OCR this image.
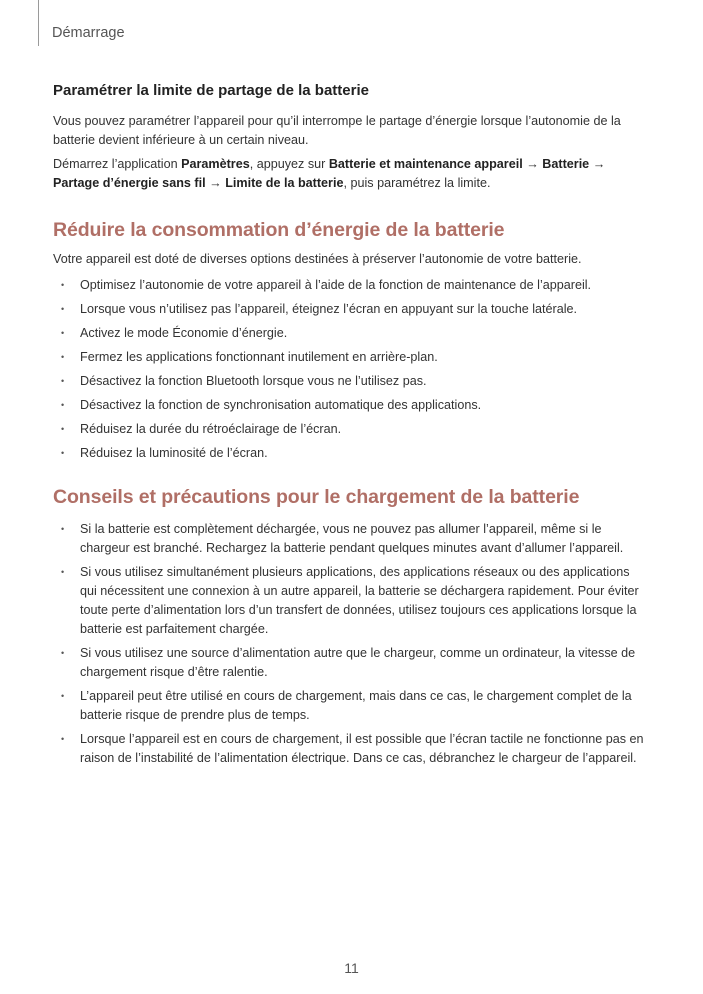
Démarrage
Paramétrer la limite de partage de la batterie

Vous pouvez paramétrer l’appareil pour qu’il interrompe le partage d’énergie lorsque l’autonomie de la batterie devient inférieure à un certain niveau.

Démarrez l’application Paramètres, appuyez sur Batterie et maintenance appareil → Batterie → Partage d’énergie sans fil → Limite de la batterie, puis paramétrez la limite.

Réduire la consommation d’énergie de la batterie

Votre appareil est doté de diverses options destinées à préserver l’autonomie de votre batterie.

• Optimisez l’autonomie de votre appareil à l’aide de la fonction de maintenance de l’appareil.
• Lorsque vous n’utilisez pas l’appareil, éteignez l’écran en appuyant sur la touche latérale.
• Activez le mode Économie d’énergie.
• Fermez les applications fonctionnant inutilement en arrière-plan.
• Désactivez la fonction Bluetooth lorsque vous ne l’utilisez pas.
• Désactivez la fonction de synchronisation automatique des applications.
• Réduisez la durée du rétroéclairage de l’écran.
• Réduisez la luminosité de l’écran.
Conseils et précautions pour le chargement de la batterie
• Si la batterie est complètement déchargée, vous ne pouvez pas allumer l’appareil, même si le chargeur est branché. Rechargez la batterie pendant quelques minutes avant d’allumer l’appareil.
• Si vous utilisez simultanément plusieurs applications, des applications réseaux ou des applications qui nécessitent une connexion à un autre appareil, la batterie se déchargera rapidement. Pour éviter toute perte d’alimentation lors d’un transfert de données, utilisez toujours ces applications lorsque la batterie est parfaitement chargée.
• Si vous utilisez une source d’alimentation autre que le chargeur, comme un ordinateur, la vitesse de chargement risque d’être ralentie.
• L’appareil peut être utilisé en cours de chargement, mais dans ce cas, le chargement complet de la batterie risque de prendre plus de temps.
• Lorsque l’appareil est en cours de chargement, il est possible que l’écran tactile ne fonctionne pas en raison de l’instabilité de l’alimentation électrique. Dans ce cas, débranchez le chargeur de l’appareil.
11
